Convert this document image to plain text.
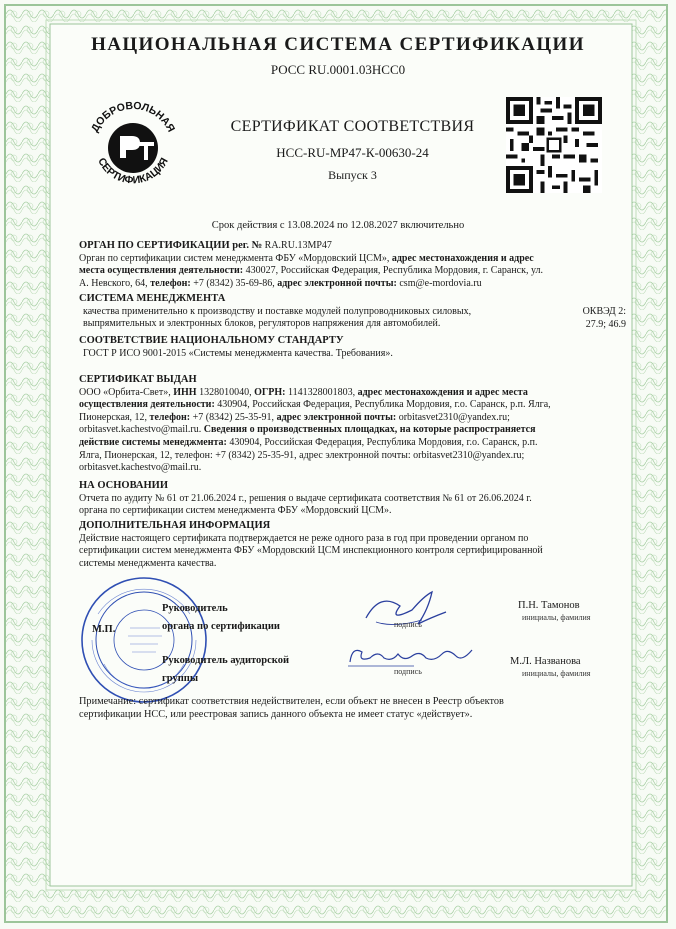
НАЦИОНАЛЬНАЯ СИСТЕМА СЕРТИФИКАЦИИ
РОСС RU.0001.03НСС0
ДОБРОВОЛЬНАЯ
СЕРТИФИКАЦИЯ
СЕРТИФИКАТ СООТВЕТСТВИЯ
НСС-RU-МР47-К-00630-24
Выпуск 3
Срок действия с 13.08.2024 по 12.08.2027 включительно
ОРГАН ПО СЕРТИФИКАЦИИ рег. № RA.RU.13МР47
Орган по сертификации систем менеджмента ФБУ «Мордовский ЦСМ», адрес местонахождения и адрес
места осуществления деятельности: 430027, Российская Федерация, Республика Мордовия, г. Саранск, ул.
А. Невского, 64, телефон: +7 (8342) 35-69-86, адрес электронной почты: csm@e-mordovia.ru
СИСТЕМА МЕНЕДЖМЕНТА
качества применительно к производству и поставке модулей полупроводниковых силовых,
выпрямительных и электронных блоков, регуляторов напряжения для автомобилей.
ОКВЭД 2:
27.9; 46.9
СООТВЕТСТВИЕ НАЦИОНАЛЬНОМУ СТАНДАРТУ
ГОСТ Р ИСО 9001-2015 «Системы менеджмента качества. Требования».
СЕРТИФИКАТ ВЫДАН
ООО «Орбита-Свет», ИНН 1328010040, ОГРН: 1141328001803, адрес местонахождения и адрес места
осуществления деятельности: 430904, Российская Федерация, Республика Мордовия, г.о. Саранск, р.п. Ялга,
Пионерская, 12, телефон: +7 (8342) 25-35-91, адрес электронной почты: orbitasvet2310@yandex.ru;
orbitasvet.kachestvo@mail.ru. Сведения о производственных площадках, на которые распространяется
действие системы менеджмента: 430904, Российская Федерация, Республика Мордовия, г.о. Саранск, р.п.
Ялга, Пионерская, 12, телефон: +7 (8342) 25-35-91, адрес электронной почты: orbitasvet2310@yandex.ru;
orbitasvet.kachestvo@mail.ru.
НА ОСНОВАНИИ
Отчета по аудиту № 61 от 21.06.2024 г., решения о выдаче сертификата соответствия № 61 от 26.06.2024 г.
органа по сертификации систем менеджмента ФБУ «Мордовский ЦСМ».
ДОПОЛНИТЕЛЬНАЯ ИНФОРМАЦИЯ
Действие настоящего сертификата подтверждается не реже одного раза в год при проведении органом по
сертификации систем менеджмента ФБУ «Мордовский ЦСМ инспекционного контроля сертифицированной
системы менеджмента качества.
Руководитель
органа по сертификации
М.П.	подпись
П.Н. Тамонов
инициалы, фамилия
Руководитель аудиторской
группы
подпись
М.Л. Названова
инициалы, фамилия
Примечание: сертификат соответствия недействителен, если объект не внесен в Реестр объектов
сертификации НСС, или реестровая запись данного объекта не имеет статус «действует».
